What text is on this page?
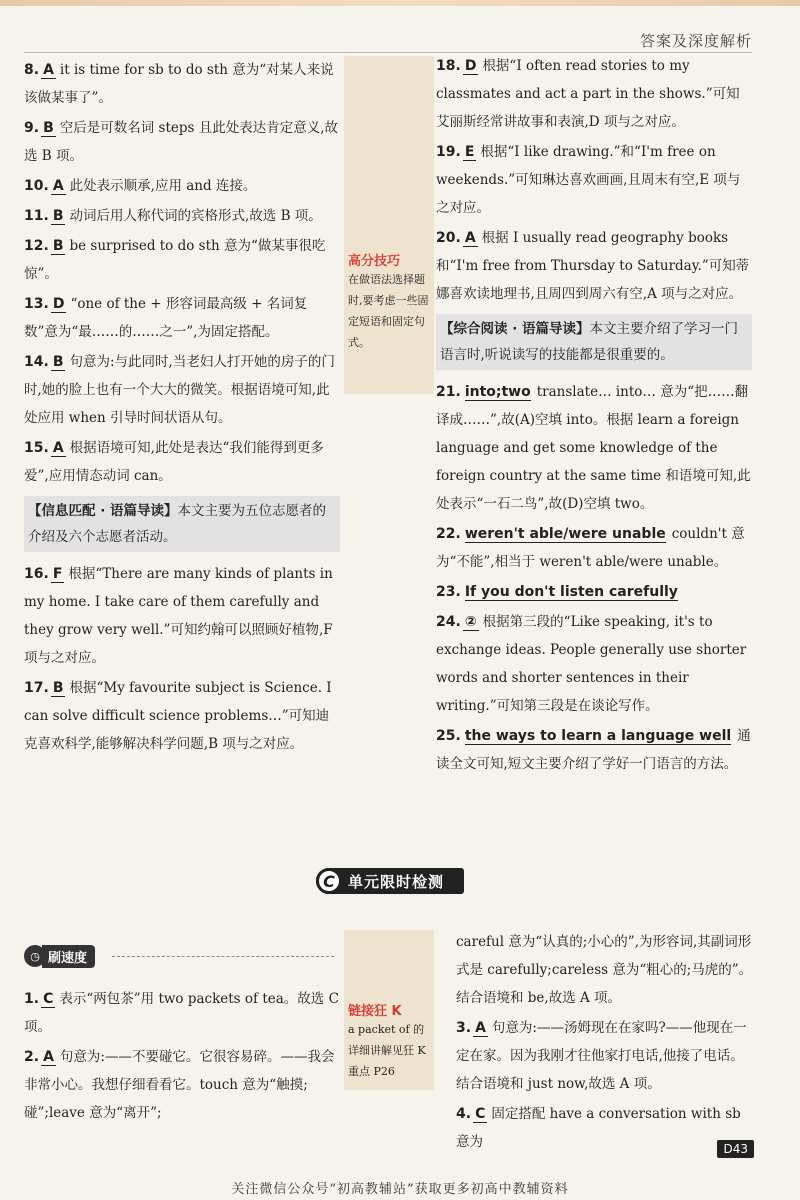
答案及深度解析
高分技巧
在做语法选择题时,要考虑一些固定短语和固定句式。
8. A it is time for sb to do sth 意为“对某人来说该做某事了”。
9. B 空后是可数名词 steps 且此处表达肯定意义,故选 B 项。
10. A 此处表示顺承,应用 and 连接。
11. B 动词后用人称代词的宾格形式,故选 B 项。
12. B be surprised to do sth 意为“做某事很吃惊”。
13. D “one of the + 形容词最高级 + 名词复数”意为“最……的……之一”,为固定搭配。
14. B 句意为:与此同时,当老妇人打开她的房子的门时,她的脸上也有一个大大的微笑。根据语境可知,此处应用 when 引导时间状语从句。
15. A 根据语境可知,此处是表达“我们能得到更多爱”,应用情态动词 can。
【信息匹配 · 语篇导读】本文主要为五位志愿者的介绍及六个志愿者活动。
16. F 根据“There are many kinds of plants in my home. I take care of them carefully and they grow very well.”可知约翰可以照顾好植物,F 项与之对应。
17. B 根据“My favourite subject is Science. I can solve difficult science problems…”可知迪克喜欢科学,能够解决科学问题,B 项与之对应。
18. D 根据“I often read stories to my classmates and act a part in the shows.”可知艾丽斯经常讲故事和表演,D 项与之对应。
19. E 根据“I like drawing.”和“I'm free on weekends.”可知琳达喜欢画画,且周末有空,E 项与之对应。
20. A 根据 I usually read geography books 和“I'm free from Thursday to Saturday.”可知蒂娜喜欢读地理书,且周四到周六有空,A 项与之对应。
【综合阅读 · 语篇导读】本文主要介绍了学习一门语言时,听说读写的技能都是很重要的。
21. into;two translate… into… 意为“把……翻译成……”,故(A)空填 into。根据 learn a foreign language and get some knowledge of the foreign country at the same time 和语境可知,此处表示“一石二鸟”,故(D)空填 two。
22. weren't able/were unable couldn't 意为“不能”,相当于 weren't able/were unable。
23. If you don't listen carefully
24. ② 根据第三段的“Like speaking, it's to exchange ideas. People generally use shorter words and shorter sentences in their writing.”可知第三段是在谈论写作。
25. the ways to learn a language well 通读全文可知,短文主要介绍了学好一门语言的方法。
C 单元限时检测
◷ 刷速度
链接狂 K
a packet of 的详细讲解见狂 K 重点 P26
1. C 表示“两包茶”用 two packets of tea。故选 C 项。
2. A 句意为:——不要碰它。它很容易碎。——我会非常小心。我想仔细看看它。touch 意为“触摸;碰”;leave 意为“离开”;
careful 意为“认真的;小心的”,为形容词,其副词形式是 carefully;careless 意为“粗心的;马虎的”。结合语境和 be,故选 A 项。
3. A 句意为:——汤姆现在在家吗?——他现在一定在家。因为我刚才往他家打电话,他接了电话。结合语境和 just now,故选 A 项。
4. C 固定搭配 have a conversation with sb 意为	D43
关注微信公众号“初高教辅站”获取更多初高中教辅资料
